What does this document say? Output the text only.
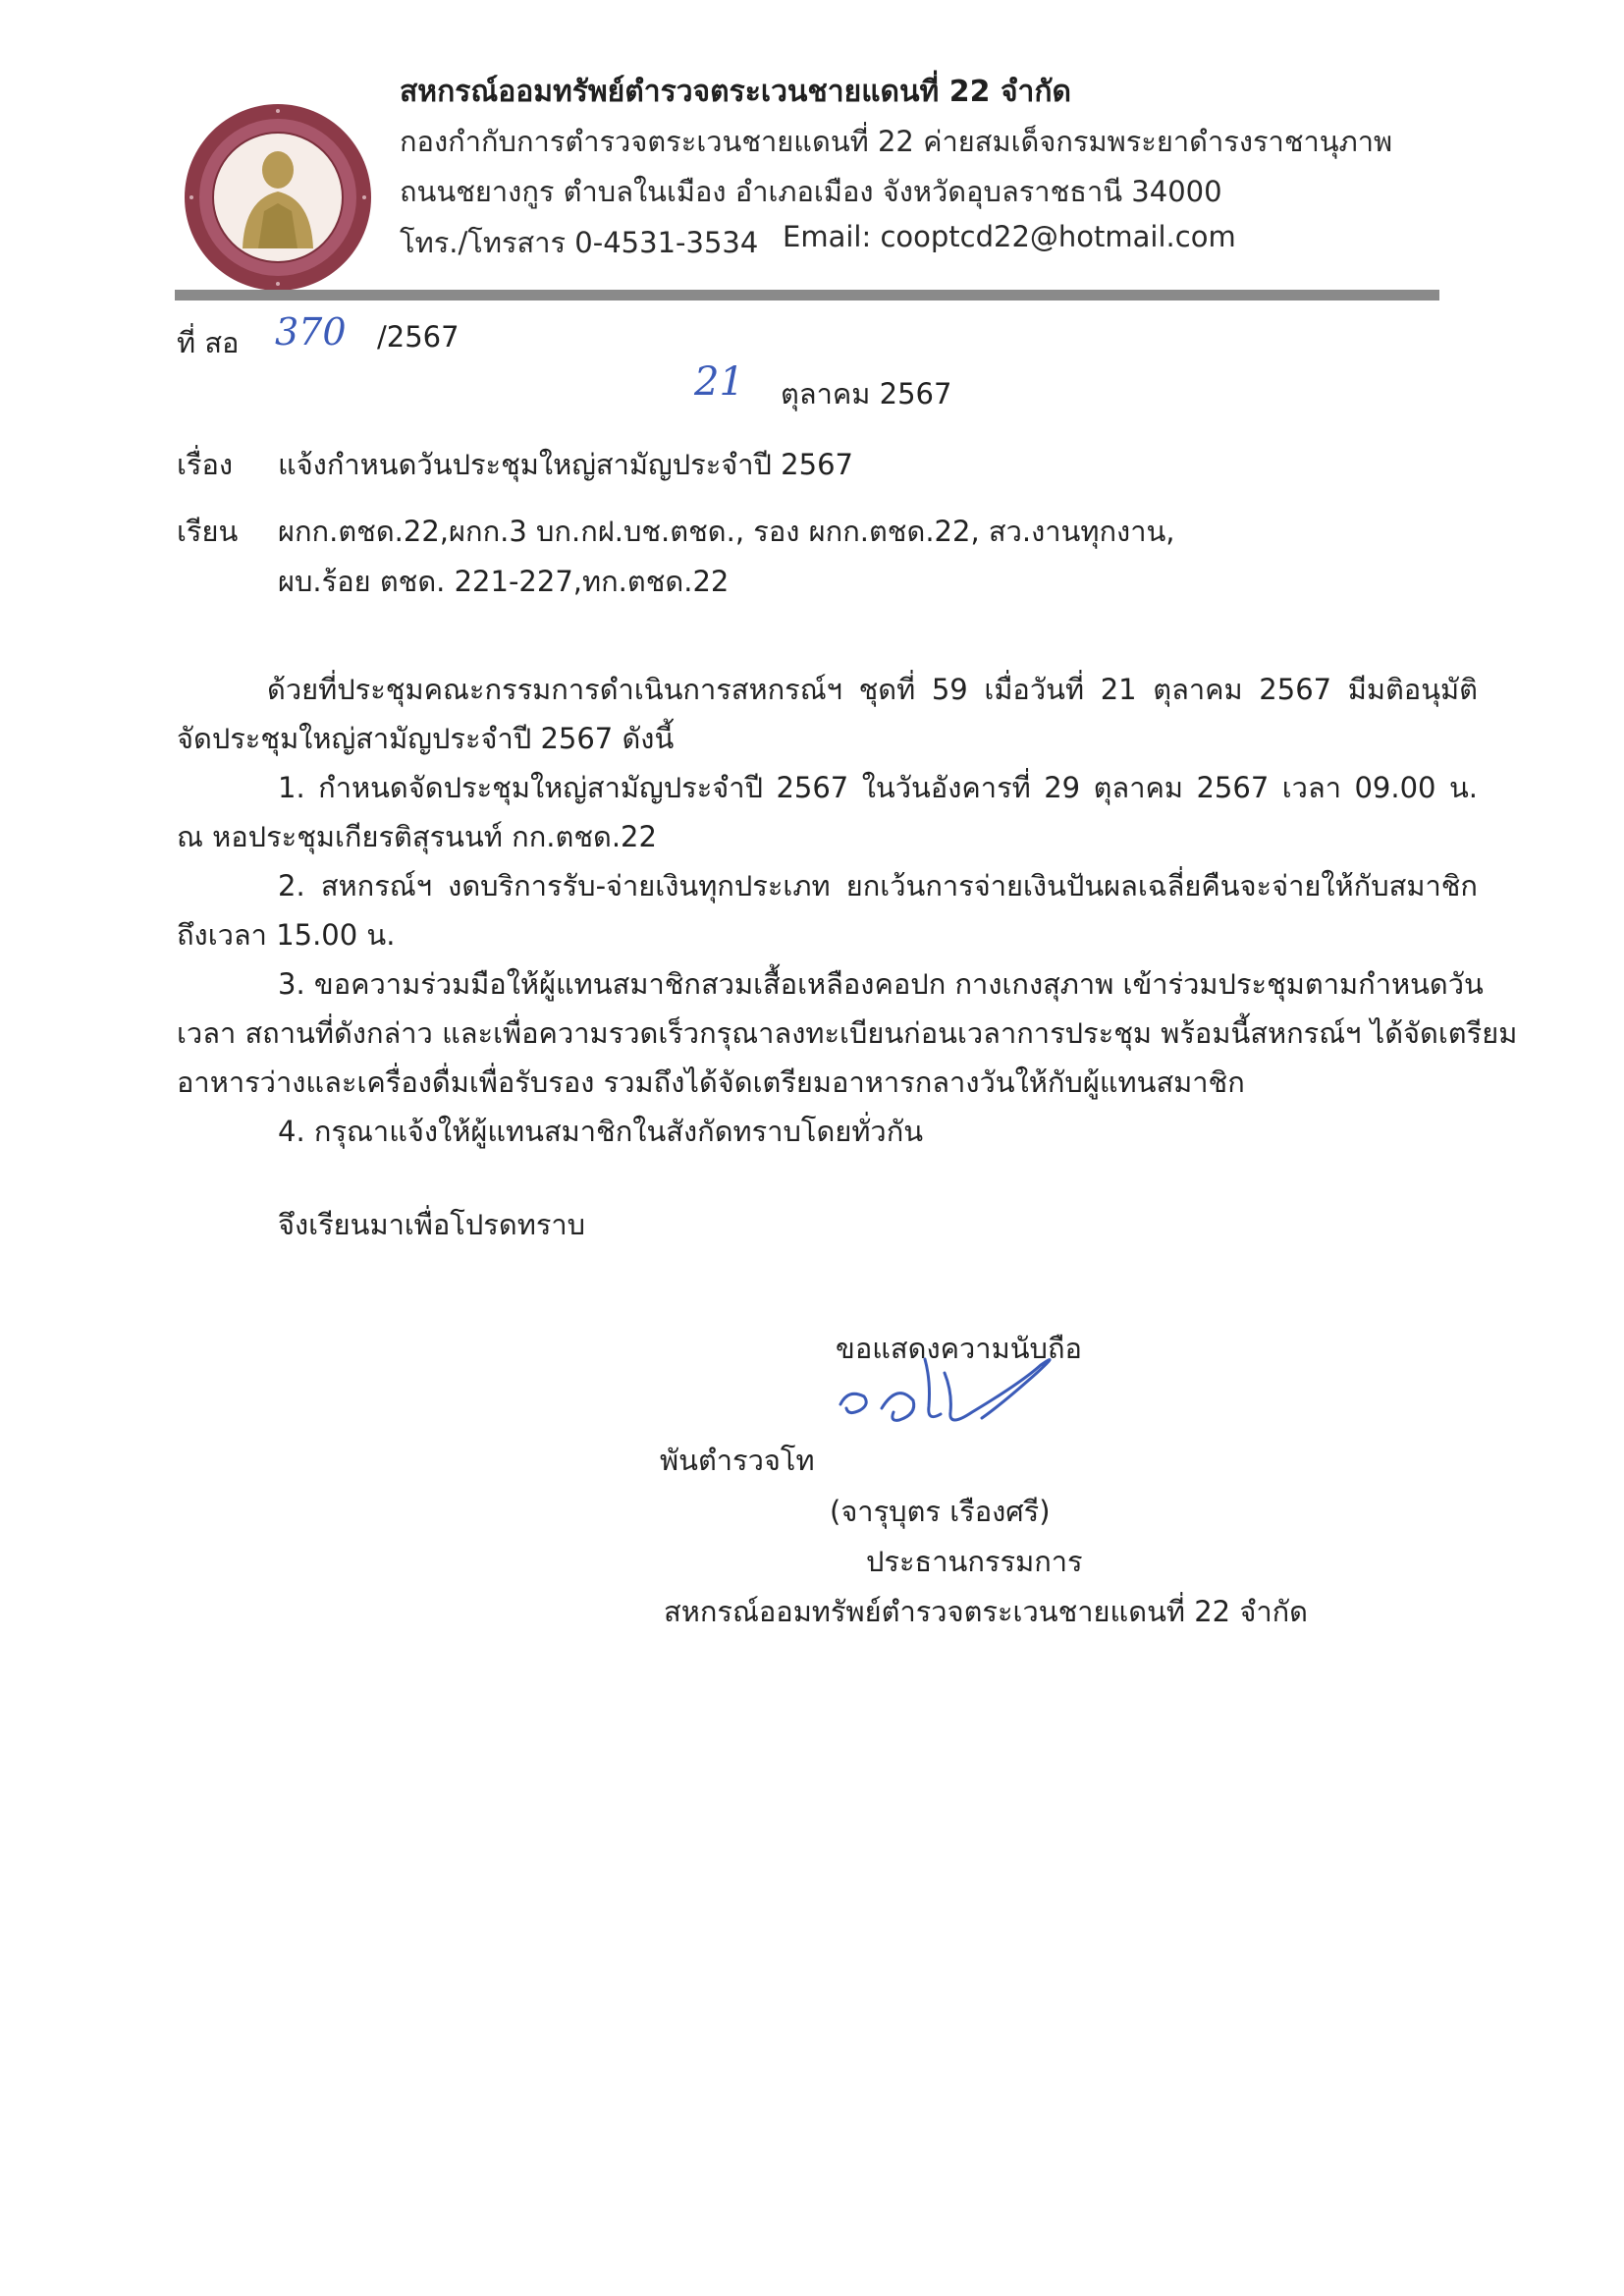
สหกรณ์ออมทรัพย์ตำรวจตระเวนชายแดนที่ 22 จำกัด
กองกำกับการตำรวจตระเวนชายแดนที่ 22 ค่ายสมเด็จกรมพระยาดำรงราชานุภาพ
ถนนชยางกูร ตำบลในเมือง อำเภอเมือง จังหวัดอุบลราชธานี 34000
โทร./โทรสาร 0-4531-3534 Email: cooptcd22@hotmail.com
ที่ สอ 370 /2567
21 ตุลาคม 2567
เรื่อง แจ้งกำหนดวันประชุมใหญ่สามัญประจำปี 2567
เรียน ผกก.ตชด.22,ผกก.3 บก.กฝ.บช.ตชด., รอง ผกก.ตชด.22, สว.งานทุกงาน,
ผบ.ร้อย ตชด. 221-227,ทก.ตชด.22
ด้วยที่ประชุมคณะกรรมการดำเนินการสหกรณ์ฯ ชุดที่ 59 เมื่อวันที่ 21 ตุลาคม 2567 มีมติอนุมัติ
จัดประชุมใหญ่สามัญประจำปี 2567 ดังนี้
1. กำหนดจัดประชุมใหญ่สามัญประจำปี 2567 ในวันอังคารที่ 29 ตุลาคม 2567 เวลา 09.00 น.
ณ หอประชุมเกียรติสุรนนท์ กก.ตชด.22
2. สหกรณ์ฯ งดบริการรับ-จ่ายเงินทุกประเภท ยกเว้นการจ่ายเงินปันผลเฉลี่ยคืนจะจ่ายให้กับสมาชิก
ถึงเวลา 15.00 น.
3. ขอความร่วมมือให้ผู้แทนสมาชิกสวมเสื้อเหลืองคอปก กางเกงสุภาพ เข้าร่วมประชุมตามกำหนดวัน
เวลา สถานที่ดังกล่าว และเพื่อความรวดเร็วกรุณาลงทะเบียนก่อนเวลาการประชุม พร้อมนี้สหกรณ์ฯ ได้จัดเตรียม
อาหารว่างและเครื่องดื่มเพื่อรับรอง รวมถึงได้จัดเตรียมอาหารกลางวันให้กับผู้แทนสมาชิก
4. กรุณาแจ้งให้ผู้แทนสมาชิกในสังกัดทราบโดยทั่วกัน
จึงเรียนมาเพื่อโปรดทราบ
ขอแสดงความนับถือ
พันตำรวจโท
(จารุบุตร เรืองศรี)
ประธานกรรมการ
สหกรณ์ออมทรัพย์ตำรวจตระเวนชายแดนที่ 22 จำกัด
